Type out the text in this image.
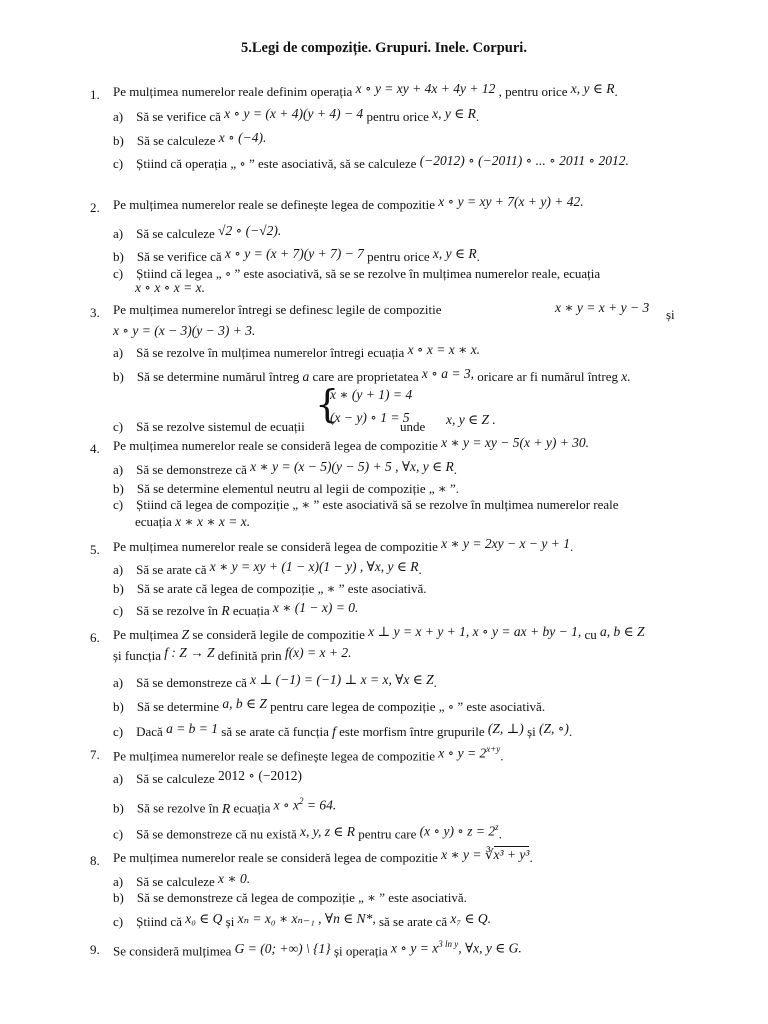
5.Legi de compoziție. Grupuri. Inele. Corpuri.
1. Pe mulțimea numerelor reale definim operația x ∘ y = xy + 4x + 4y + 12 , pentru orice x, y ∈ R.
a) Să se verifice că x ∘ y = (x + 4)(y + 4) − 4 pentru orice x, y ∈ R.
b) Să se calculeze x ∘ (−4).
c) Știind că operația „ ∘ ” este asociativă, să se calculeze (−2012) ∘ (−2011) ∘ ... ∘ 2011 ∘ 2012.
2. Pe mulțimea numerelor reale se definește legea de compozitie x ∘ y = xy + 7(x + y) + 42.
a) Să se calculeze √2 ∘ (−√2).
b) Să se verifice că x ∘ y = (x + 7)(y + 7) − 7 pentru orice x, y ∈ R.
c) Știind că legea „ ∘ ” este asociativă, să se se rezolve în mulțimea numerelor reale, ecuația
x ∘ x ∘ x = x.
3. Pe mulțimea numerelor întregi se definesc legile de compozitie	x ∗ y = x + y − 3 și
x ∘ y = (x − 3)(y − 3) + 3.
a) Să se rezolve în mulțimea numerelor întregi ecuația x ∘ x = x ∗ x.
b) Să se determine numărul întreg a care are proprietatea x ∘ a = 3, oricare ar fi numărul întreg x.
c) Să se rezolve sistemul de ecuații
{
x ∗ (y + 1) = 4
(x − y) ∘ 1 = 5
unde x, y ∈ Z .
4. Pe mulțimea numerelor reale se consideră legea de compozitie x ∗ y = xy − 5(x + y) + 30.
a) Să se demonstreze că x ∗ y = (x − 5)(y − 5) + 5 , ∀x, y ∈ R.
b) Să se determine elementul neutru al legii de compoziție „ ∗ ”.
c) Știind că legea de compoziție „ ∗ ” este asociativă să se rezolve în mulțimea numerelor reale
ecuația x ∗ x ∗ x = x.
5. Pe mulțimea numerelor reale se consideră legea de compozitie x ∗ y = 2xy − x − y + 1.
a) Să se arate că x ∗ y = xy + (1 − x)(1 − y) , ∀x, y ∈ R.
b) Să se arate că legea de compoziție „ ∗ ” este asociativă.
c) Să se rezolve în R ecuația x ∗ (1 − x) = 0.
6. Pe mulțimea Z se consideră legile de compozitie x ⊥ y = x + y + 1, x ∘ y = ax + by − 1, cu a, b ∈ Z
și funcția f : Z → Z definită prin f(x) = x + 2.
a) Să se demonstreze că x ⊥ (−1) = (−1) ⊥ x = x, ∀x ∈ Z.
b) Să se determine a, b ∈ Z pentru care legea de compoziție „ ∘ ” este asociativă.
c) Dacă a = b = 1 să se arate că funcția f este morfism între grupurile (Z, ⊥) și (Z, ∘).
7. Pe mulțimea numerelor reale se definește legea de compozitie x ∘ $y = 2^{x+y}$.
a) Să se calculeze 2012 ∘ (−2012)
b) Să se rezolve în R ecuația x ∘ $x^2 = 64$.
c) Să se demonstreze că nu există x, y, z ∈ R pentru care (x ∘ y) ∘ $z = 2^z$.
8. Pe mulțimea numerelor reale se consideră legea de compozitie x ∗ y = ∛x³ + y³.
a) Să se calculeze x ∗ 0.
b) Să se demonstreze că legea de compoziție „ ∗ ” este asociativă.
c) Știind că x₀ ∈ Q și xₙ = x₀ ∗ xₙ₋₁ , ∀n ∈ N*, să se arate că x₇ ∈ Q.
9. Se consideră mulțimea G = (0; +∞) \ {1} și operația x ∘ $y = x^{3 ln y}$, ∀x, y ∈ G.
